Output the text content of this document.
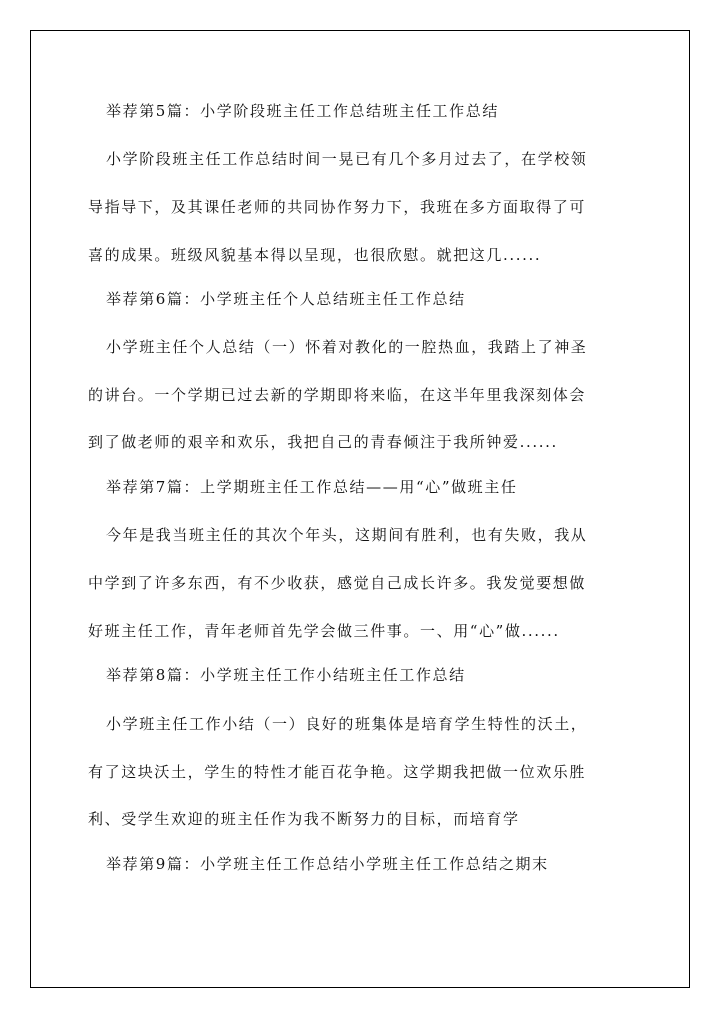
举荐第5篇：小学阶段班主任工作总结班主任工作总结
小学阶段班主任工作总结时间一晃已有几个多月过去了，在学校领
导指导下，及其课任老师的共同协作努力下，我班在多方面取得了可
喜的成果。班级风貌基本得以呈现，也很欣慰。就把这几......
举荐第6篇：小学班主任个人总结班主任工作总结
小学班主任个人总结（一）怀着对教化的一腔热血，我踏上了神圣
的讲台。一个学期已过去新的学期即将来临，在这半年里我深刻体会
到了做老师的艰辛和欢乐，我把自己的青春倾注于我所钟爱......
举荐第7篇：上学期班主任工作总结——用“心”做班主任
今年是我当班主任的其次个年头，这期间有胜利，也有失败，我从
中学到了许多东西，有不少收获，感觉自己成长许多。我发觉要想做
好班主任工作，青年老师首先学会做三件事。一、用“心”做......
举荐第8篇：小学班主任工作小结班主任工作总结
小学班主任工作小结（一）良好的班集体是培育学生特性的沃土，
有了这块沃土，学生的特性才能百花争艳。这学期我把做一位欢乐胜
利、受学生欢迎的班主任作为我不断努力的目标，而培育学
举荐第9篇：小学班主任工作总结小学班主任工作总结之期末
